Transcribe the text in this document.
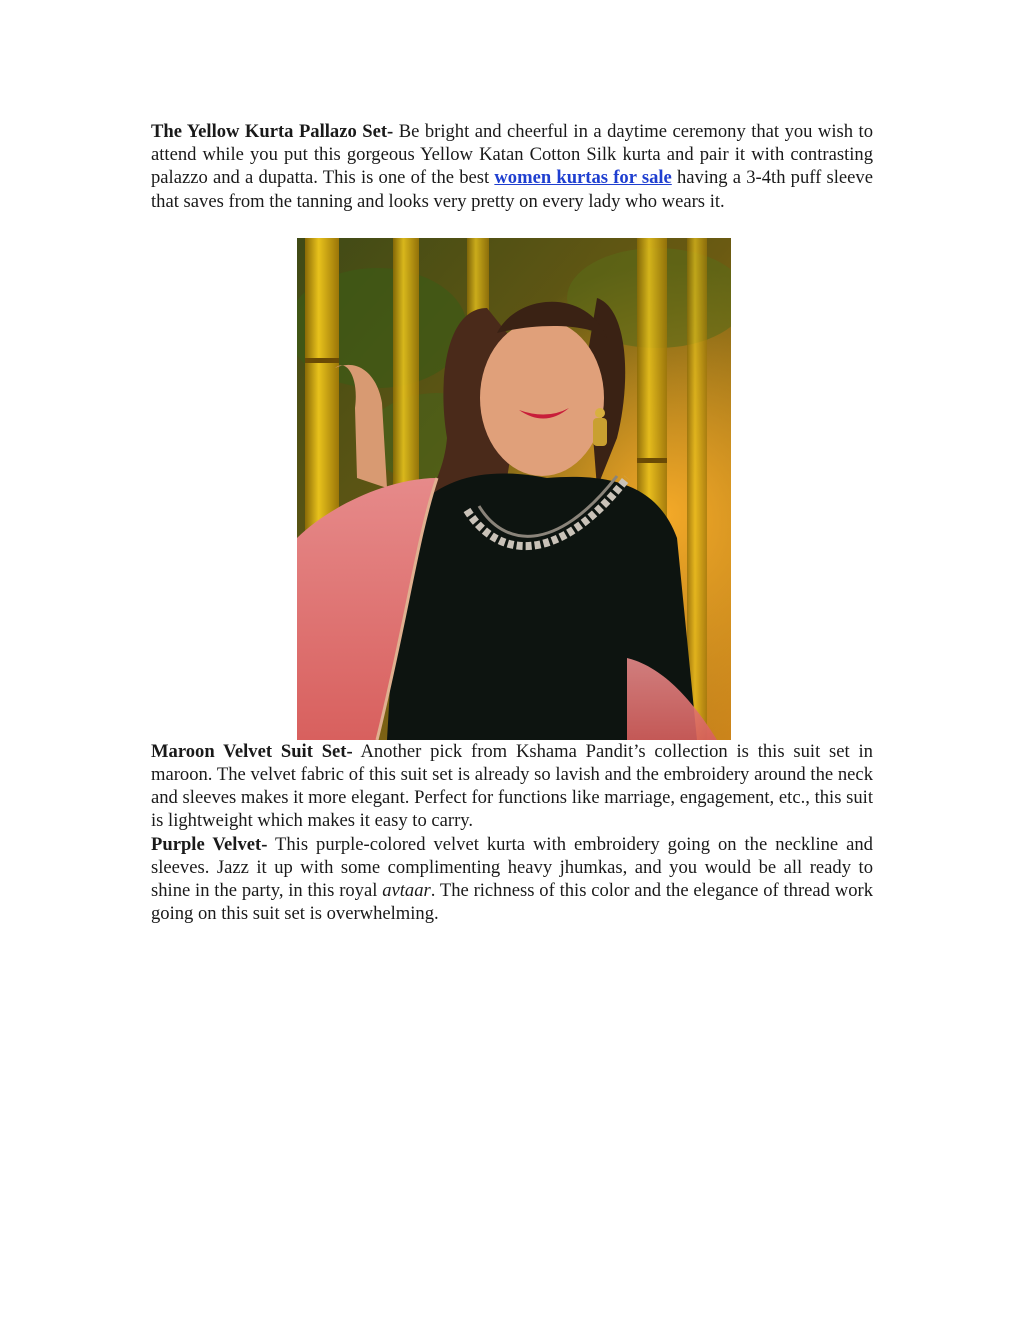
The Yellow Kurta Pallazo Set- Be bright and cheerful in a daytime ceremony that you wish to attend while you put this gorgeous Yellow Katan Cotton Silk kurta and pair it with contrasting palazzo and a dupatta. This is one of the best women kurtas for sale having a 3-4th puff sleeve that saves from the tanning and looks very pretty on every lady who wears it.

Maroon Velvet Suit Set- Another pick from Kshama Pandit’s collection is this suit set in maroon. The velvet fabric of this suit set is already so lavish and the embroidery around the neck and sleeves makes it more elegant. Perfect for functions like marriage, engagement, etc., this suit is lightweight which makes it easy to carry.

Purple Velvet- This purple-colored velvet kurta with embroidery going on the neckline and sleeves. Jazz it up with some complimenting heavy jhumkas, and you would be all ready to shine in the party, in this royal avtaar. The richness of this color and the elegance of thread work going on this suit set is overwhelming.
